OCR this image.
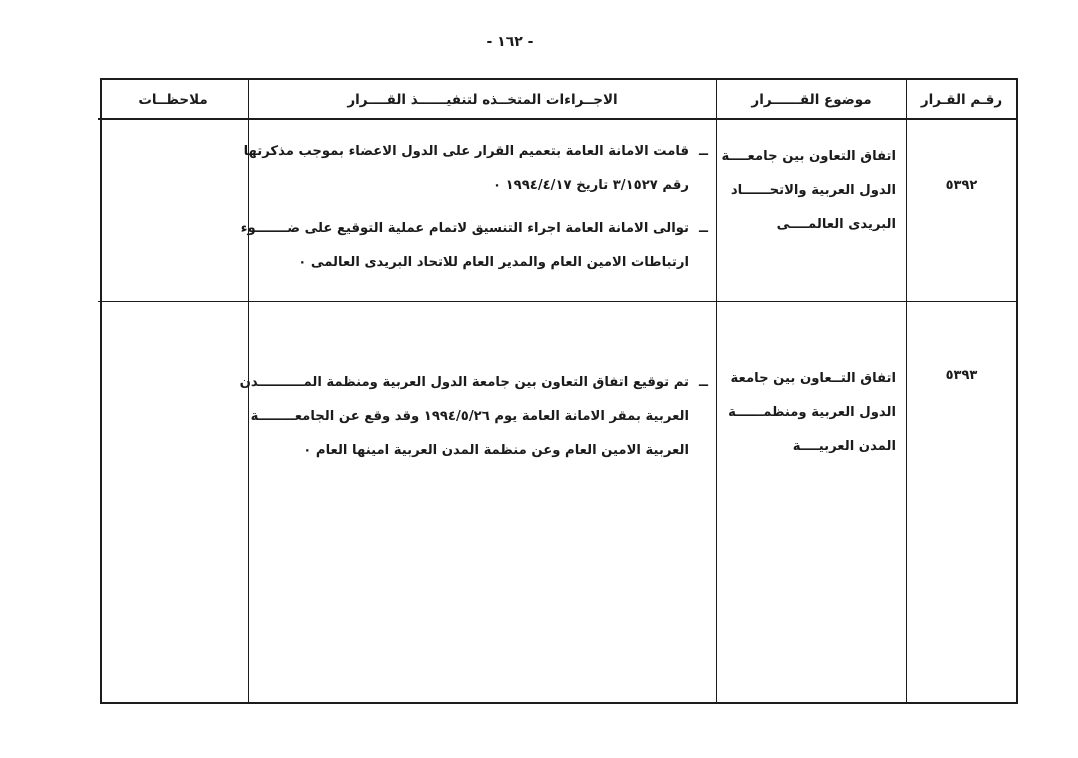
- ١٦٢ -
رقـم القـرار
موضوع القــــــرار
الاجــراءات المتخــذه لتنفيــــــذ القــــرار
ملاحظــات
٥٣٩٢
اتفاق التعاون بين جامعــــة
الدول العربية والاتحــــــاد
البريدى العالمــــى
ــ
قامت الامانة العامة بتعميم القرار على الدول الاعضاء بموجب مذكرتها
رقم ٣/١٥٢٧ تاريخ ١٩٩٤/٤/١٧ ٠
ــ
توالى الامانة العامة اجراء التنسيق لاتمام عملية التوقيع على ضـــــــوء
ارتباطات الامين العام والمدير العام للاتحاد البريدى العالمى ٠
٥٣٩٣
اتفاق التــعاون بين جامعة
الدول العربية ومنظمــــــة
المدن العربيــــة
ــ
تم توقيع اتفاق التعاون بين جامعة الدول العربية ومنظمة المــــــــــدن
العربية بمقر الامانة العامة يوم ١٩٩٤/٥/٢٦ وقد وقع عن الجامعــــــــة
العربية الامين العام وعن منظمة المدن العربية امينها العام ٠
